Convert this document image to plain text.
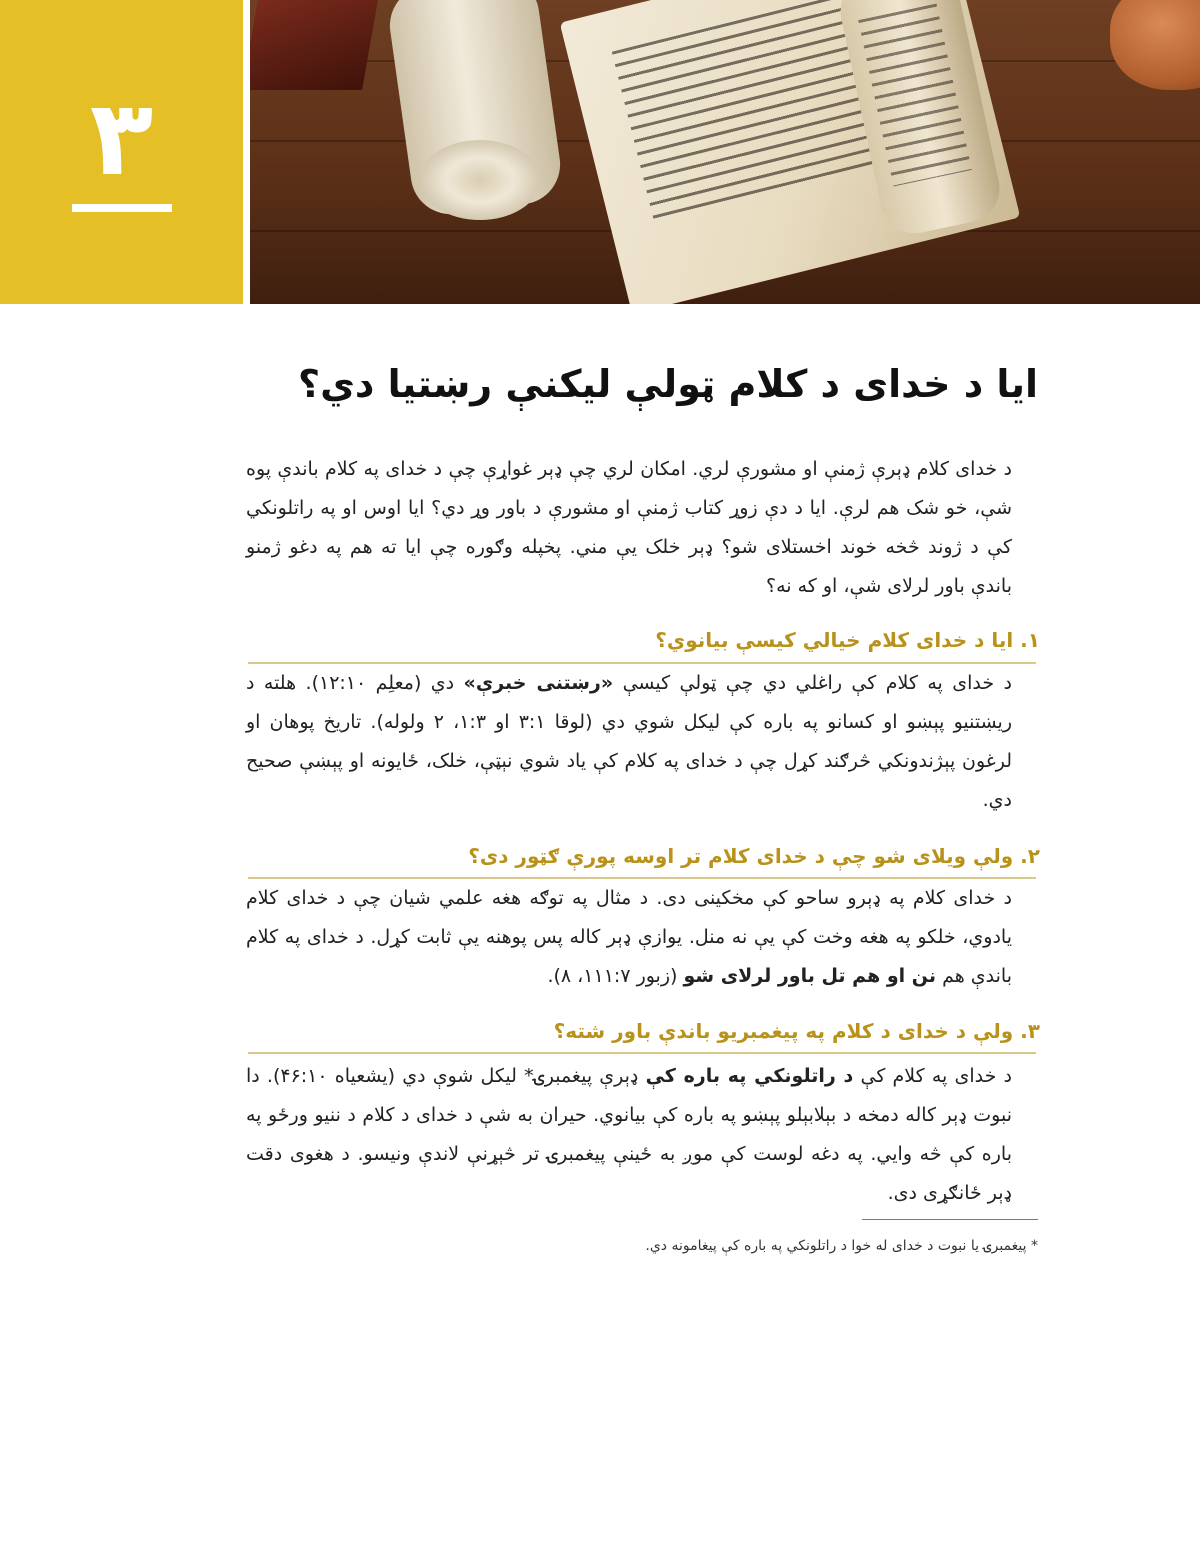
٣
ايا د خدای د کلام ټولې ليکنې رښتيا دي؟

د خدای کلام ډېرې ژمنې او مشورې لري. امکان لري چې ډېر غواړې چې د خدای په کلام باندې پوه شې، خو شک هم لرې. ايا د دې زوړ کتاب ژمنې او مشورې د باور وړ دي؟ ايا اوس او په راتلونکي کې د ژوند څخه خوند اخستلای شو؟ ډېر خلک يې مني. پخپله وګوره چې ايا ته هم په دغو ژمنو باندې باور لرلای شې، او که نه؟

١. ايا د خدای کلام خيالي کيسې بيانوي؟

د خدای په کلام کې راغلي دي چې ټولې کيسې «رښتنی خبرې» دي (معلِم ۱۲:۱۰). هلته د ريښتنيو پېښو او کسانو په باره کې ليکل شوي دي (لوقا ۳:۱ او ۱:۳، ۲ ولوله). تاريخ پوهان او لرغون پېژندونکي څرګند کړل چې د خدای په کلام کې ياد شوي نېټې، خلک، ځايونه او پېښې صحيح دي.

٢. ولې ويلای شو چې د خدای کلام تر اوسه پورې ګټور دی؟

د خدای کلام په ډېرو ساحو کې مخکينی دی. د مثال په توګه هغه علمي شيان چې د خدای کلام يادوي، خلکو په هغه وخت کې يې نه منل. يوازې ډېر کاله پس پوهنه يې ثابت کړل. د خدای په کلام باندې هم نن او هم تل باور لرلای شو (زبور ۱۱۱:۷، ۸).

٣. ولې د خدای د کلام په پيغمبريو باندې باور شته؟

د خدای په کلام کې د راتلونکي په باره کې ډېرې پيغمبرۍ* ليکل شوې دي (يشعياه ۴۶:۱۰). دا نبوت ډېر کاله دمخه د بېلابېلو پېښو په باره کې بيانوي. حيران به شې د خدای د کلام د ننيو ورځو په باره کې څه وايي. په دغه لوست کې موږ به ځينې پيغمبرۍ تر څېړنې لاندې ونيسو. د هغوی دقت ډېر ځانګړی دی.

* پيغمبرۍ يا نبوت د خدای له خوا د راتلونکي په باره کې پيغامونه دي.
